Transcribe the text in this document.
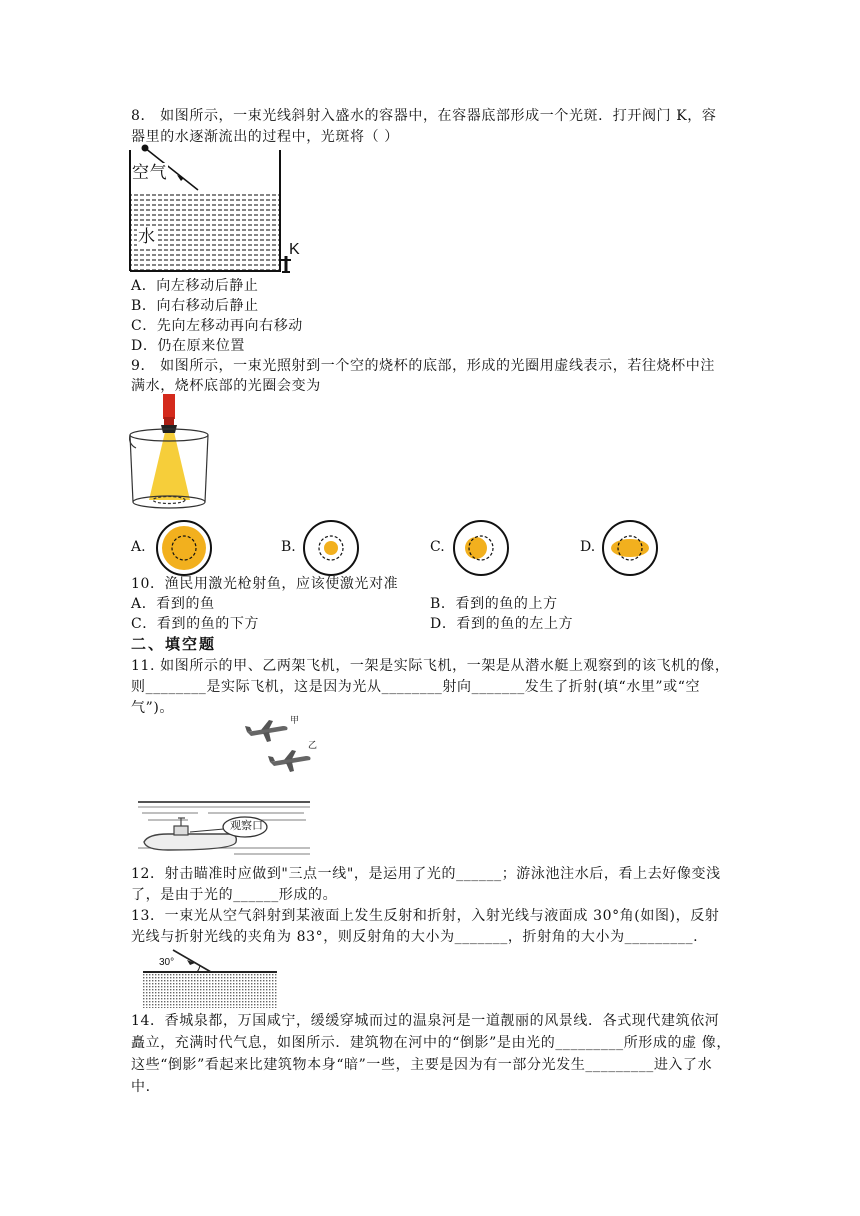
8． 如图所示，一束光线斜射入盛水的容器中，在容器底部形成一个光斑．打开阀门 K，容
器里的水逐渐流出的过程中，光斑将（ ）
空气
水
K
A．向左移动后静止
B．向右移动后静止
C．先向左移动再向右移动
D．仍在原来位置
9． 如图所示，一束光照射到一个空的烧杯的底部，形成的光圈用虚线表示，若往烧杯中注
满水，烧杯底部的光圈会变为
A.	B.	C.	D.
10．渔民用激光枪射鱼，应该使激光对准
A．看到的鱼	B．看到的鱼的上方
C．看到的鱼的下方	D．看到的鱼的左上方
二、填空题
11. 如图所示的甲、乙两架飞机，一架是实际飞机，一架是从潜水艇上观察到的该飞机的像，
则________是实际飞机，这是因为光从________射向_______发生了折射(填“水里”或“空
气”)。
甲
乙
观察口
12．射击瞄准时应做到"三点一线"，是运用了光的______；游泳池注水后，看上去好像变浅
了，是由于光的______形成的。
13．一束光从空气斜射到某液面上发生反射和折射，入射光线与液面成 30°角(如图)，反射
光线与折射光线的夹角为 83°，则反射角的大小为_______，折射角的大小为_________.
30°
14．香城泉都，万国咸宁，缓缓穿城而过的温泉河是一道靓丽的风景线．各式现代建筑依河
矗立，充满时代气息，如图所示．建筑物在河中的“倒影”是由光的_________所形成的虚 像，
这些“倒影”看起来比建筑物本身“暗”一些，主要是因为有一部分光发生_________进入了水
中.
